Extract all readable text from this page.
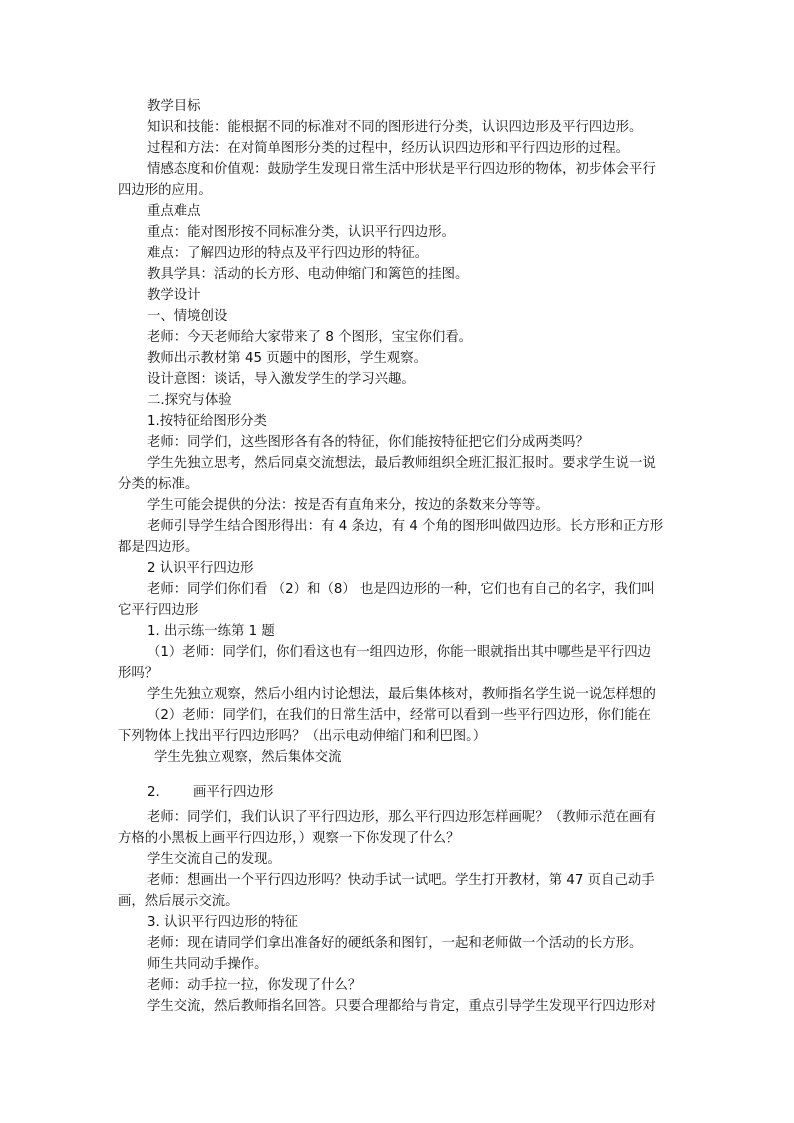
教学目标
知识和技能：能根据不同的标准对不同的图形进行分类，认识四边形及平行四边形。
过程和方法：在对简单图形分类的过程中，经历认识四边形和平行四边形的过程。
情感态度和价值观：鼓励学生发现日常生活中形状是平行四边形的物体，初步体会平行
四边形的应用。
重点难点
重点：能对图形按不同标准分类，认识平行四边形。
难点：了解四边形的特点及平行四边形的特征。
教具学具：活动的长方形、电动伸缩门和篱笆的挂图。
教学设计
一、情境创设
老师：今天老师给大家带来了 8 个图形，宝宝你们看。
教师出示教材第 45 页题中的图形，学生观察。
设计意图：谈话，导入激发学生的学习兴趣。
二.探究与体验
1.按特征给图形分类
老师：同学们，这些图形各有各的特征，你们能按特征把它们分成两类吗？
学生先独立思考，然后同桌交流想法，最后教师组织全班汇报汇报时。要求学生说一说
分类的标准。
学生可能会提供的分法：按是否有直角来分，按边的条数来分等等。
老师引导学生结合图形得出：有 4 条边，有 4 个角的图形叫做四边形。长方形和正方形
都是四边形。
2 认识平行四边形
老师：同学们你们看 （2）和（8） 也是四边形的一种，它们也有自己的名字，我们叫
它平行四边形
1. 出示练一练第 1 题
（1）老师：同学们，你们看这也有一组四边形，你能一眼就指出其中哪些是平行四边
形吗？
学生先独立观察，然后小组内讨论想法，最后集体核对，教师指名学生说一说怎样想的
（2）老师：同学们，在我们的日常生活中，经常可以看到一些平行四边形，你们能在
下列物体上找出平行四边形吗？（出示电动伸缩门和利巴图。）
学生先独立观察，然后集体交流
2. 画平行四边形
老师：同学们，我们认识了平行四边形，那么平行四边形怎样画呢？（教师示范在画有
方格的小黑板上画平行四边形，）观察一下你发现了什么？
学生交流自己的发现。
老师：想画出一个平行四边形吗？快动手试一试吧。学生打开教材，第 47 页自己动手
画，然后展示交流。
3. 认识平行四边形的特征
老师：现在请同学们拿出准备好的硬纸条和图钉，一起和老师做一个活动的长方形。
师生共同动手操作。
老师：动手拉一拉，你发现了什么？
学生交流，然后教师指名回答。只要合理都给与肯定，重点引导学生发现平行四边形对
